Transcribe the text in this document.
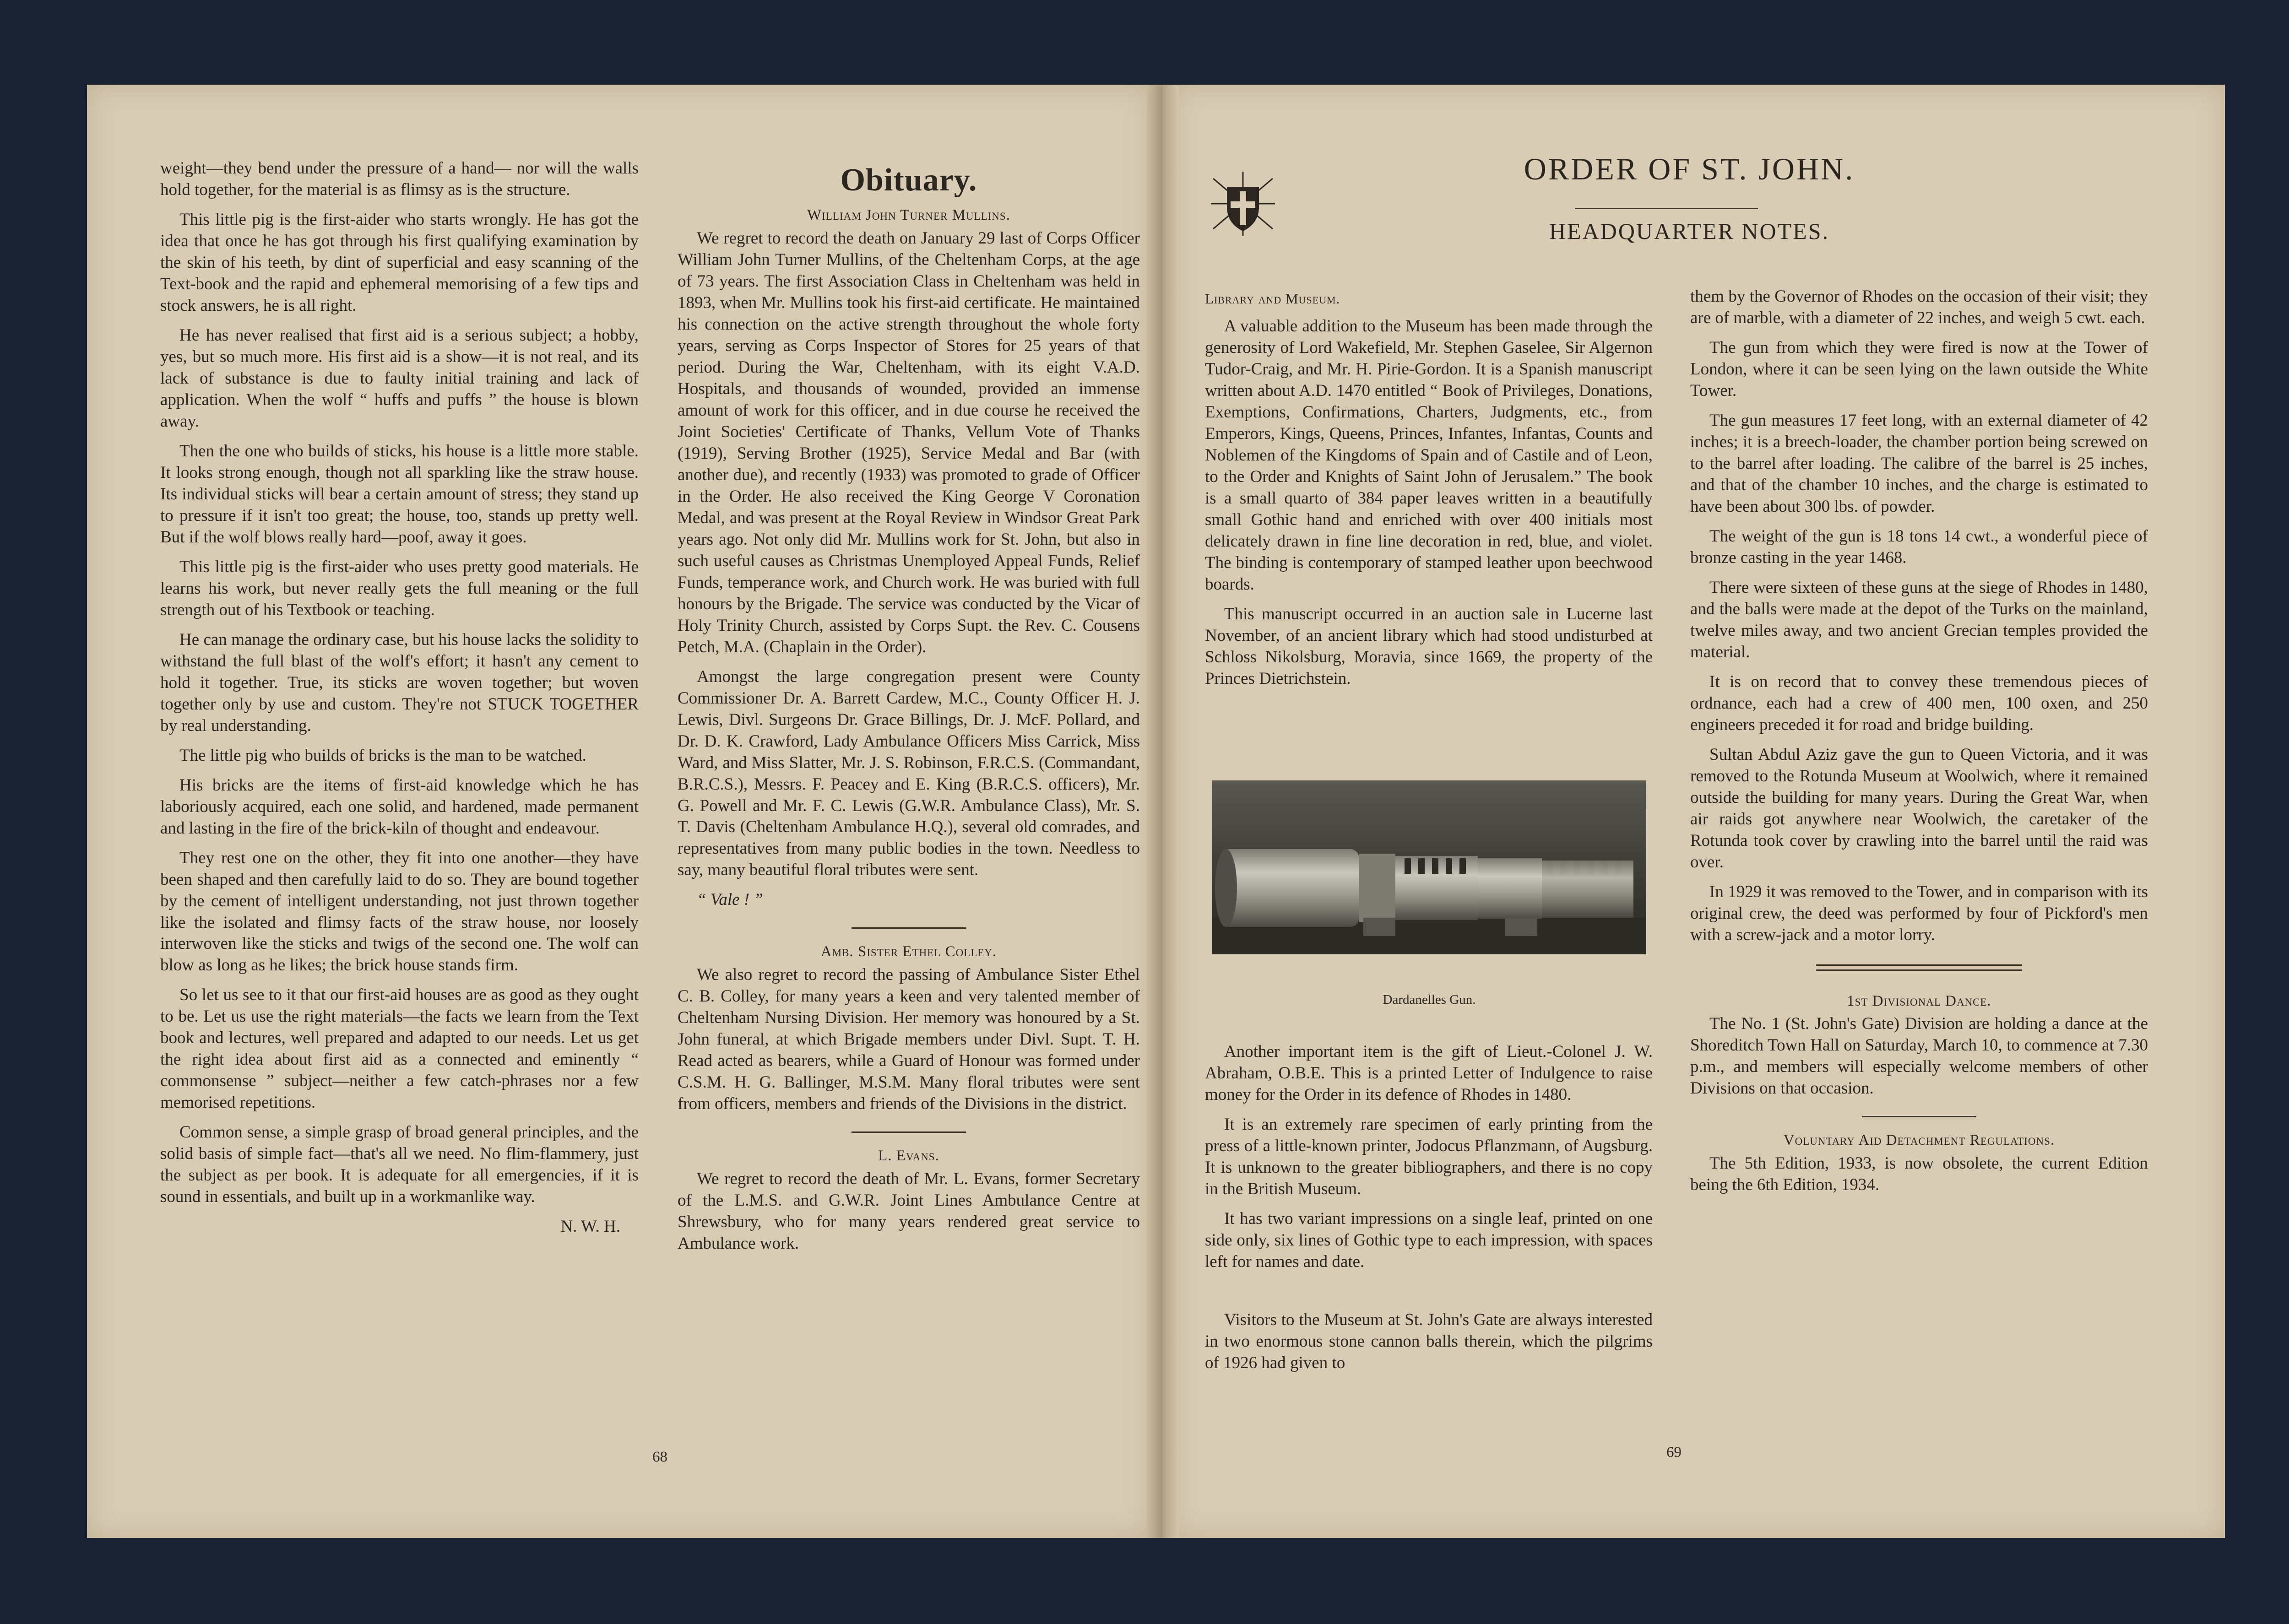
weight—they bend under the pressure of a hand— nor will the walls hold together, for the material is as flimsy as is the structure.

This little pig is the first-aider who starts wrongly. He has got the idea that once he has got through his first qualifying examination by the skin of his teeth, by dint of superficial and easy scanning of the Text-book and the rapid and ephemeral memorising of a few tips and stock answers, he is all right.

He has never realised that first aid is a serious subject; a hobby, yes, but so much more. His first aid is a show—it is not real, and its lack of substance is due to faulty initial training and lack of application. When the wolf “ huffs and puffs ” the house is blown away.

Then the one who builds of sticks, his house is a little more stable. It looks strong enough, though not all sparkling like the straw house. Its individual sticks will bear a certain amount of stress; they stand up to pressure if it isn't too great; the house, too, stands up pretty well. But if the wolf blows really hard—poof, away it goes.

This little pig is the first-aider who uses pretty good materials. He learns his work, but never really gets the full meaning or the full strength out of his Textbook or teaching.

He can manage the ordinary case, but his house lacks the solidity to withstand the full blast of the wolf's effort; it hasn't any cement to hold it together. True, its sticks are woven together; but woven together only by use and custom. They're not STUCK TOGETHER by real understanding.

The little pig who builds of bricks is the man to be watched.

His bricks are the items of first-aid knowledge which he has laboriously acquired, each one solid, and hardened, made permanent and lasting in the fire of the brick-kiln of thought and endeavour.

They rest one on the other, they fit into one another—they have been shaped and then carefully laid to do so. They are bound together by the cement of intelligent understanding, not just thrown together like the isolated and flimsy facts of the straw house, nor loosely interwoven like the sticks and twigs of the second one. The wolf can blow as long as he likes; the brick house stands firm.

So let us see to it that our first-aid houses are as good as they ought to be. Let us use the right materials—the facts we learn from the Text book and lectures, well prepared and adapted to our needs. Let us get the right idea about first aid as a connected and eminently “ commonsense ” subject—neither a few catch-phrases nor a few memorised repetitions.

Common sense, a simple grasp of broad general principles, and the solid basis of simple fact—that's all we need. No flim-flammery, just the subject as per book. It is adequate for all emergencies, if it is sound in essentials, and built up in a workmanlike way.

N. W. H.
Obituary.
William John Turner Mullins.

We regret to record the death on January 29 last of Corps Officer William John Turner Mullins, of the Cheltenham Corps, at the age of 73 years. The first Association Class in Cheltenham was held in 1893, when Mr. Mullins took his first-aid certificate. He maintained his connection on the active strength throughout the whole forty years, serving as Corps Inspector of Stores for 25 years of that period. During the War, Cheltenham, with its eight V.A.D. Hospitals, and thousands of wounded, provided an immense amount of work for this officer, and in due course he received the Joint Societies' Certificate of Thanks, Vellum Vote of Thanks (1919), Serving Brother (1925), Service Medal and Bar (with another due), and recently (1933) was promoted to grade of Officer in the Order. He also received the King George V Coronation Medal, and was present at the Royal Review in Windsor Great Park years ago. Not only did Mr. Mullins work for St. John, but also in such useful causes as Christmas Unemployed Appeal Funds, Relief Funds, temperance work, and Church work. He was buried with full honours by the Brigade. The service was conducted by the Vicar of Holy Trinity Church, assisted by Corps Supt. the Rev. C. Cousens Petch, M.A. (Chaplain in the Order).

Amongst the large congregation present were County Commissioner Dr. A. Barrett Cardew, M.C., County Officer H. J. Lewis, Divl. Surgeons Dr. Grace Billings, Dr. J. McF. Pollard, and Dr. D. K. Crawford, Lady Ambulance Officers Miss Carrick, Miss Ward, and Miss Slatter, Mr. J. S. Robinson, F.R.C.S. (Commandant, B.R.C.S.), Messrs. F. Peacey and E. King (B.R.C.S. officers), Mr. G. Powell and Mr. F. C. Lewis (G.W.R. Ambulance Class), Mr. S. T. Davis (Cheltenham Ambulance H.Q.), several old comrades, and representatives from many public bodies in the town. Needless to say, many beautiful floral tributes were sent.

“ Vale ! ”

Amb. Sister Ethel Colley.

We also regret to record the passing of Ambulance Sister Ethel C. B. Colley, for many years a keen and very talented member of Cheltenham Nursing Division. Her memory was honoured by a St. John funeral, at which Brigade members under Divl. Supt. T. H. Read acted as bearers, while a Guard of Honour was formed under C.S.M. H. G. Ballinger, M.S.M. Many floral tributes were sent from officers, members and friends of the Divisions in the district.

L. Evans.

We regret to record the death of Mr. L. Evans, former Secretary of the L.M.S. and G.W.R. Joint Lines Ambulance Centre at Shrewsbury, who for many years rendered great service to Ambulance work.

68
ORDER OF ST. JOHN.
HEADQUARTER NOTES.
Library and Museum.

A valuable addition to the Museum has been made through the generosity of Lord Wakefield, Mr. Stephen Gaselee, Sir Algernon Tudor-Craig, and Mr. H. Pirie-Gordon. It is a Spanish manuscript written about A.D. 1470 entitled “ Book of Privileges, Donations, Exemptions, Confirmations, Charters, Judgments, etc., from Emperors, Kings, Queens, Princes, Infantes, Infantas, Counts and Noblemen of the Kingdoms of Spain and of Castile and of Leon, to the Order and Knights of Saint John of Jerusalem.” The book is a small quarto of 384 paper leaves written in a beautifully small Gothic hand and enriched with over 400 initials most delicately drawn in fine line decoration in red, blue, and violet. The binding is contemporary of stamped leather upon beechwood boards.

This manuscript occurred in an auction sale in Lucerne last November, of an ancient library which had stood undisturbed at Schloss Nikolsburg, Moravia, since 1669, the property of the Princes Dietrichstein.

Dardanelles Gun.

Another important item is the gift of Lieut.-Colonel J. W. Abraham, O.B.E. This is a printed Letter of Indulgence to raise money for the Order in its defence of Rhodes in 1480.

It is an extremely rare specimen of early printing from the press of a little-known printer, Jodocus Pflanzmann, of Augsburg. It is unknown to the greater bibliographers, and there is no copy in the British Museum.

It has two variant impressions on a single leaf, printed on one side only, six lines of Gothic type to each impression, with spaces left for names and date.

Visitors to the Museum at St. John's Gate are always interested in two enormous stone cannon balls therein, which the pilgrims of 1926 had given to

them by the Governor of Rhodes on the occasion of their visit; they are of marble, with a diameter of 22 inches, and weigh 5 cwt. each.

The gun from which they were fired is now at the Tower of London, where it can be seen lying on the lawn outside the White Tower.

The gun measures 17 feet long, with an external diameter of 42 inches; it is a breech-loader, the chamber portion being screwed on to the barrel after loading. The calibre of the barrel is 25 inches, and that of the chamber 10 inches, and the charge is estimated to have been about 300 lbs. of powder.

The weight of the gun is 18 tons 14 cwt., a wonderful piece of bronze casting in the year 1468.

There were sixteen of these guns at the siege of Rhodes in 1480, and the balls were made at the depot of the Turks on the mainland, twelve miles away, and two ancient Grecian temples provided the material.

It is on record that to convey these tremendous pieces of ordnance, each had a crew of 400 men, 100 oxen, and 250 engineers preceded it for road and bridge building.

Sultan Abdul Aziz gave the gun to Queen Victoria, and it was removed to the Rotunda Museum at Woolwich, where it remained outside the building for many years. During the Great War, when air raids got anywhere near Woolwich, the caretaker of the Rotunda took cover by crawling into the barrel until the raid was over.

In 1929 it was removed to the Tower, and in comparison with its original crew, the deed was performed by four of Pickford's men with a screw-jack and a motor lorry.

1st Divisional Dance.

The No. 1 (St. John's Gate) Division are holding a dance at the Shoreditch Town Hall on Saturday, March 10, to commence at 7.30 p.m., and members will especially welcome members of other Divisions on that occasion.

Voluntary Aid Detachment Regulations.

The 5th Edition, 1933, is now obsolete, the current Edition being the 6th Edition, 1934.

69
